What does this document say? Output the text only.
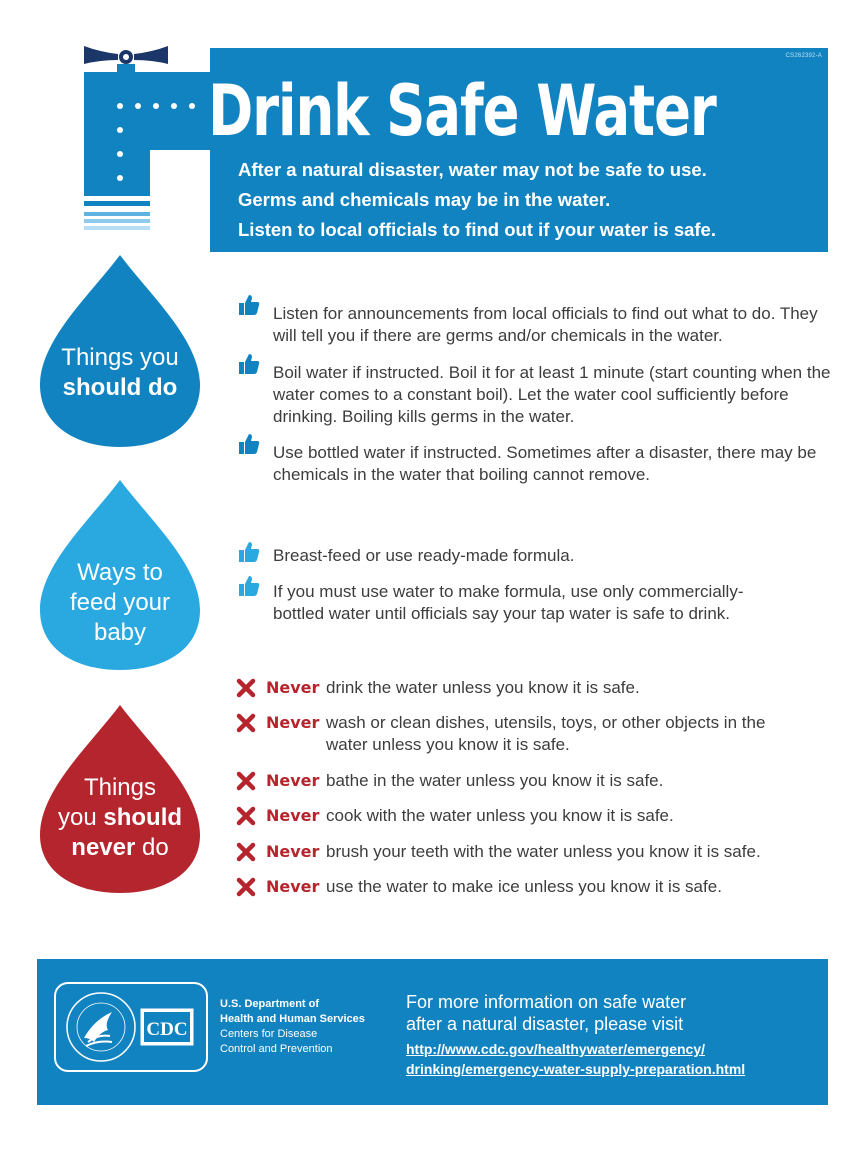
CS262392-A
Drink Safe Water
After a natural disaster, water may not be safe to use.
Germs and chemicals may be in the water.
Listen to local officials to find out if your water is safe.
Things you
should do
Listen for announcements from local officials to find out what to do. They will tell you if there are germs and/or chemicals in the water.
Boil water if instructed. Boil it for at least 1 minute (start counting when the water comes to a constant boil). Let the water cool sufficiently before drinking. Boiling kills germs in the water.
Use bottled water if instructed. Sometimes after a disaster, there may be chemicals in the water that boiling cannot remove.
Ways to
feed your
baby
Breast-feed or use ready-made formula.
If you must use water to make formula, use only commercially-bottled water until officials say your tap water is safe to drink.
Things
you should
never do
Never drink the water unless you know it is safe.
Never wash or clean dishes, utensils, toys, or other objects in the water unless you know it is safe.
Never bathe in the water unless you know it is safe.
Never cook with the water unless you know it is safe.
Never brush your teeth with the water unless you know it is safe.
Never use the water to make ice unless you know it is safe.
CDC
U.S. Department of
Health and Human Services
Centers for Disease
Control and Prevention
For more information on safe water
after a natural disaster, please visit
http://www.cdc.gov/healthywater/emergency/
drinking/emergency-water-supply-preparation.html
